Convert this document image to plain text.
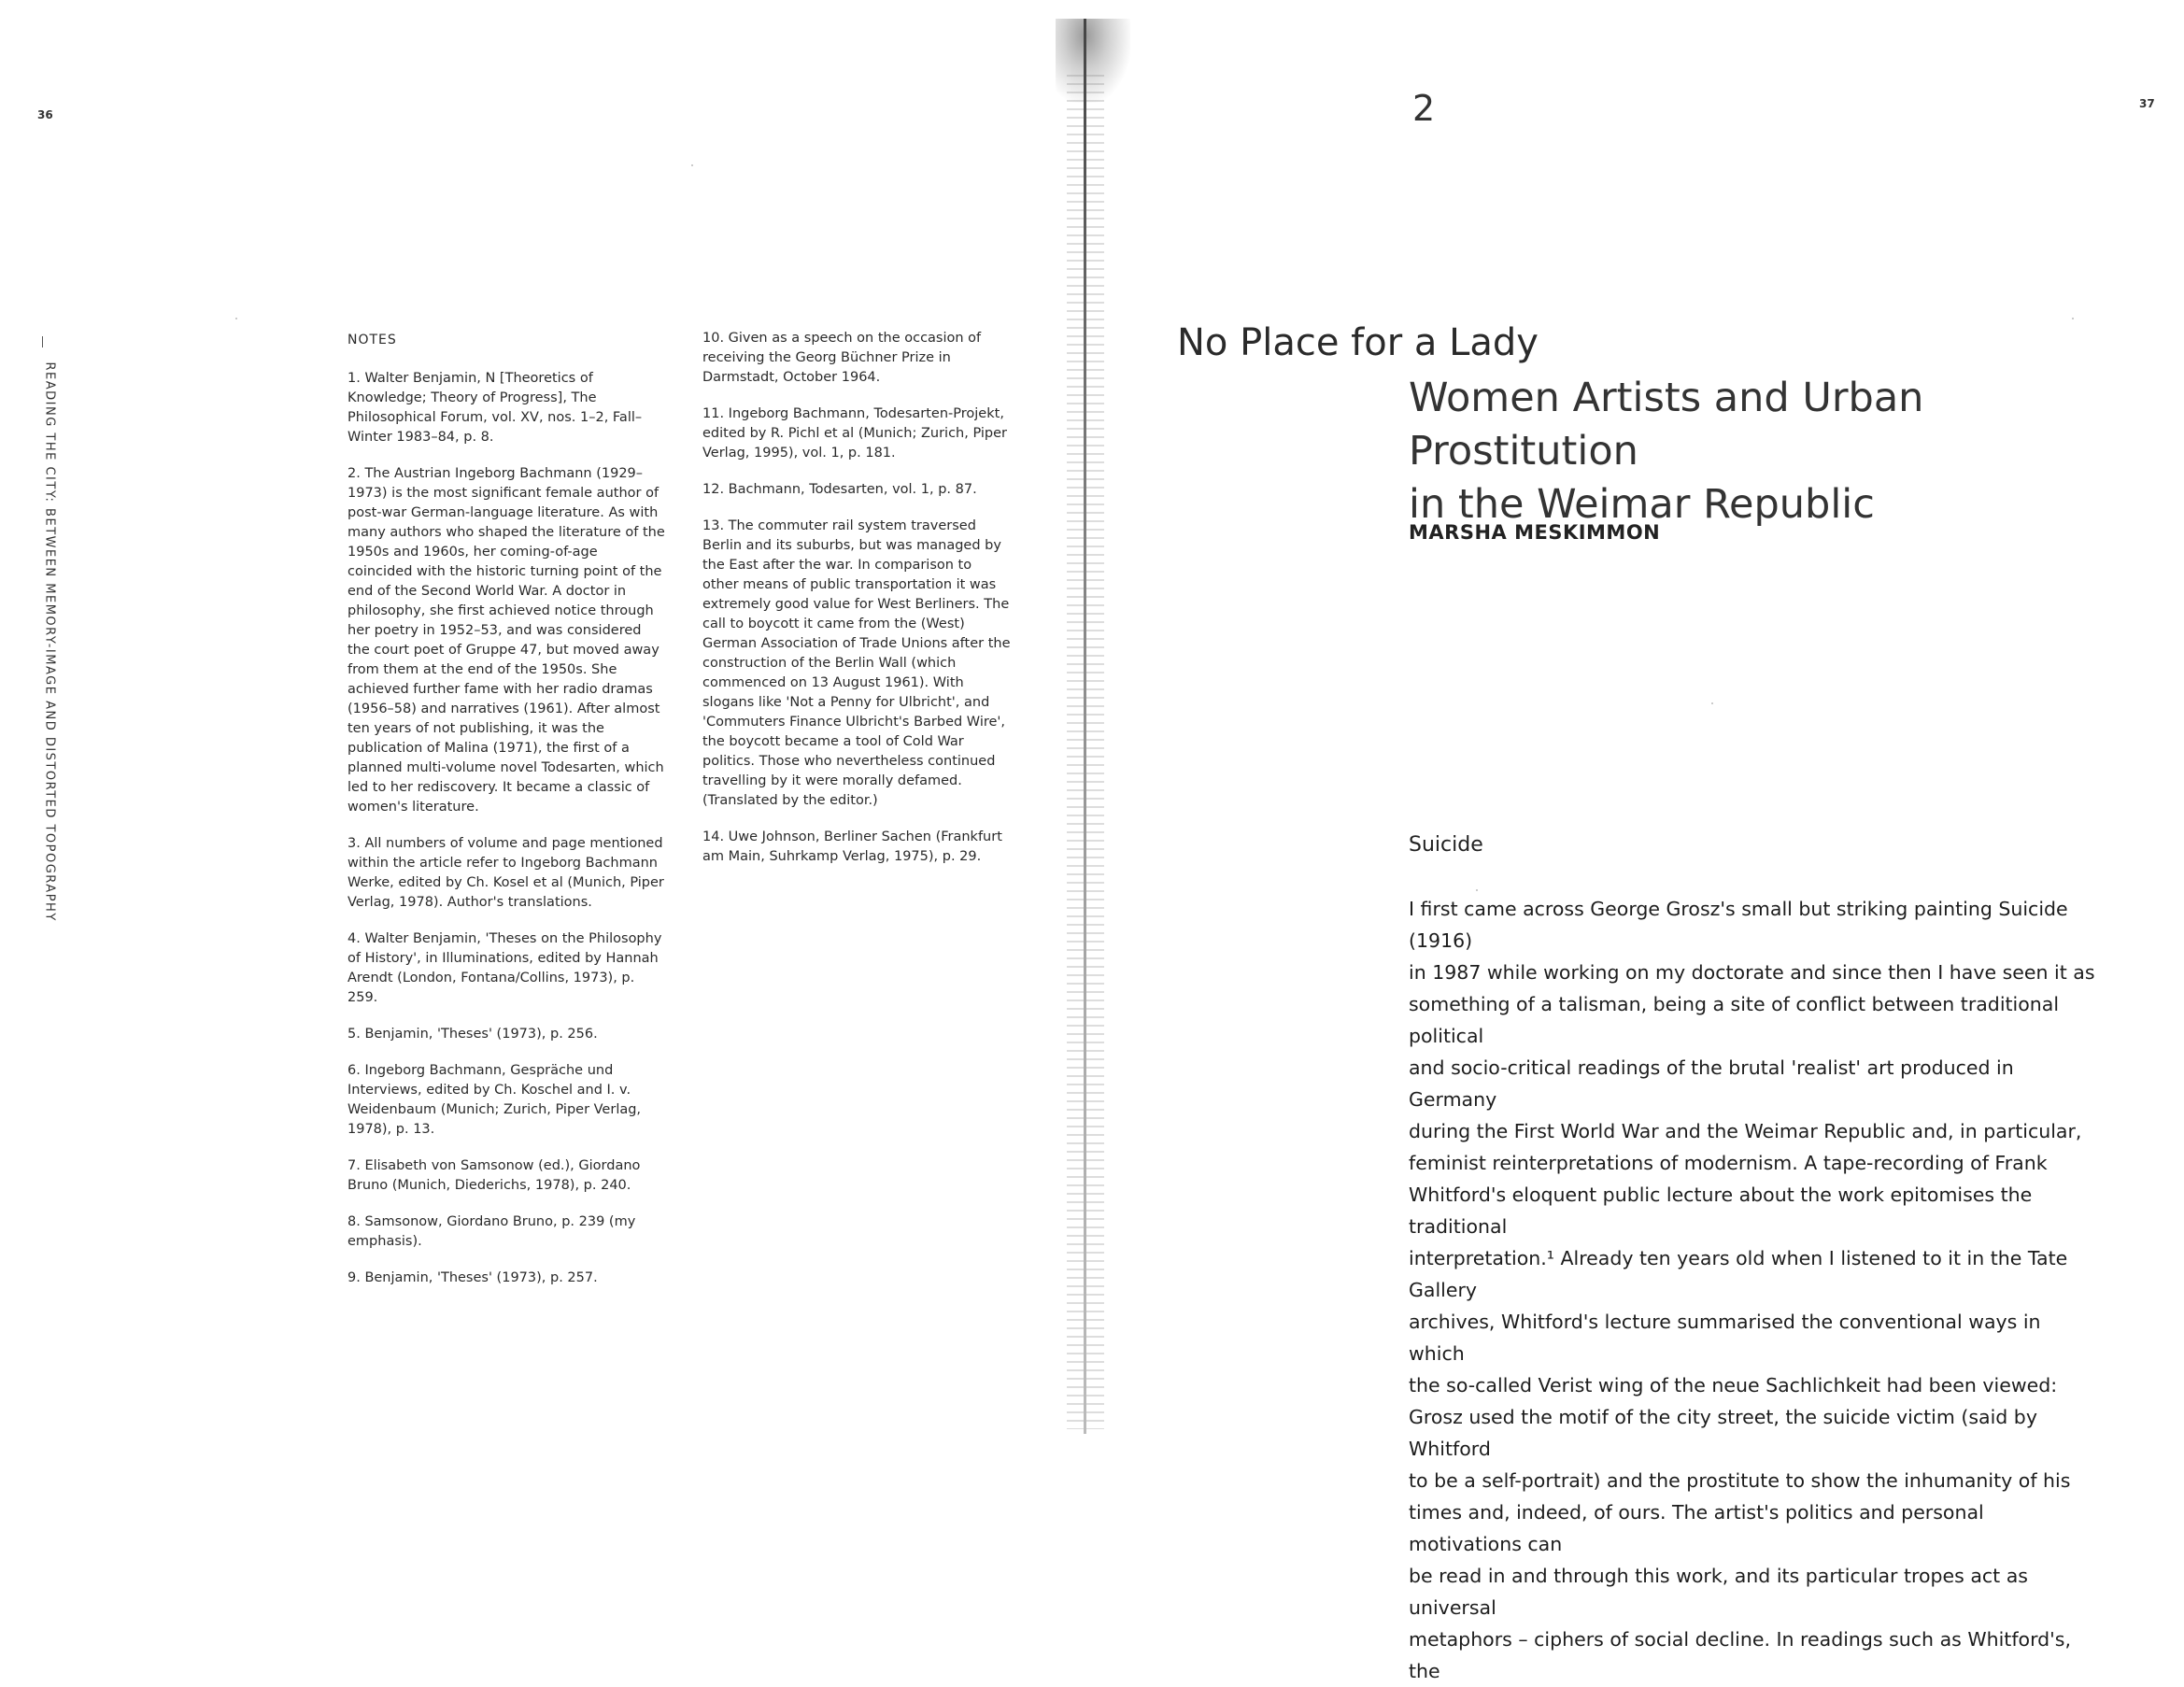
36
READING THE CITY: BETWEEN MEMORY-IMAGE AND DISTORTED TOPOGRAPHY
NOTES
1. Walter Benjamin, N [Theoretics of Knowledge; Theory of Progress], The Philosophical Forum, vol. XV, nos. 1–2, Fall–Winter 1983–84, p. 8.
2. The Austrian Ingeborg Bachmann (1929–1973) is the most significant female author of post-war German-language literature. As with many authors who shaped the literature of the 1950s and 1960s, her coming-of-age coincided with the historic turning point of the end of the Second World War. A doctor in philosophy, she first achieved notice through her poetry in 1952–53, and was considered the court poet of Gruppe 47, but moved away from them at the end of the 1950s. She achieved further fame with her radio dramas (1956–58) and narratives (1961). After almost ten years of not publishing, it was the publication of Malina (1971), the first of a planned multi-volume novel Todesarten, which led to her rediscovery. It became a classic of women's literature.
3. All numbers of volume and page mentioned within the article refer to Ingeborg Bachmann Werke, edited by Ch. Kosel et al (Munich, Piper Verlag, 1978). Author's translations.
4. Walter Benjamin, 'Theses on the Philosophy of History', in Illuminations, edited by Hannah Arendt (London, Fontana/Collins, 1973), p. 259.
5. Benjamin, 'Theses' (1973), p. 256.
6. Ingeborg Bachmann, Gespräche und Interviews, edited by Ch. Koschel and I. v. Weidenbaum (Munich; Zurich, Piper Verlag, 1978), p. 13.
7. Elisabeth von Samsonow (ed.), Giordano Bruno (Munich, Diederichs, 1978), p. 240.
8. Samsonow, Giordano Bruno, p. 239 (my emphasis).
9. Benjamin, 'Theses' (1973), p. 257.
10. Given as a speech on the occasion of receiving the Georg Büchner Prize in Darmstadt, October 1964.
11. Ingeborg Bachmann, Todesarten-Projekt, edited by R. Pichl et al (Munich; Zurich, Piper Verlag, 1995), vol. 1, p. 181.
12. Bachmann, Todesarten, vol. 1, p. 87.
13. The commuter rail system traversed Berlin and its suburbs, but was managed by the East after the war. In comparison to other means of public transportation it was extremely good value for West Berliners. The call to boycott it came from the (West) German Association of Trade Unions after the construction of the Berlin Wall (which commenced on 13 August 1961). With slogans like 'Not a Penny for Ulbricht', and 'Commuters Finance Ulbricht's Barbed Wire', the boycott became a tool of Cold War politics. Those who nevertheless continued travelling by it were morally defamed. (Translated by the editor.)
14. Uwe Johnson, Berliner Sachen (Frankfurt am Main, Suhrkamp Verlag, 1975), p. 29.
37
2
No Place for a Lady
Women Artists and Urban Prostitution
in the Weimar Republic
MARSHA MESKIMMON
Suicide

I first came across George Grosz's small but striking painting Suicide (1916)

in 1987 while working on my doctorate and since then I have seen it as

something of a talisman, being a site of conflict between traditional political

and socio-critical readings of the brutal 'realist' art produced in Germany

during the First World War and the Weimar Republic and, in particular,

feminist reinterpretations of modernism. A tape-recording of Frank

Whitford's eloquent public lecture about the work epitomises the traditional

interpretation.¹ Already ten years old when I listened to it in the Tate Gallery

archives, Whitford's lecture summarised the conventional ways in which

the so-called Verist wing of the neue Sachlichkeit had been viewed:

Grosz used the motif of the city street, the suicide victim (said by Whitford

to be a self-portrait) and the prostitute to show the inhumanity of his

times and, indeed, of ours. The artist's politics and personal motivations can

be read in and through this work, and its particular tropes act as universal

metaphors – ciphers of social decline. In readings such as Whitford's, the
